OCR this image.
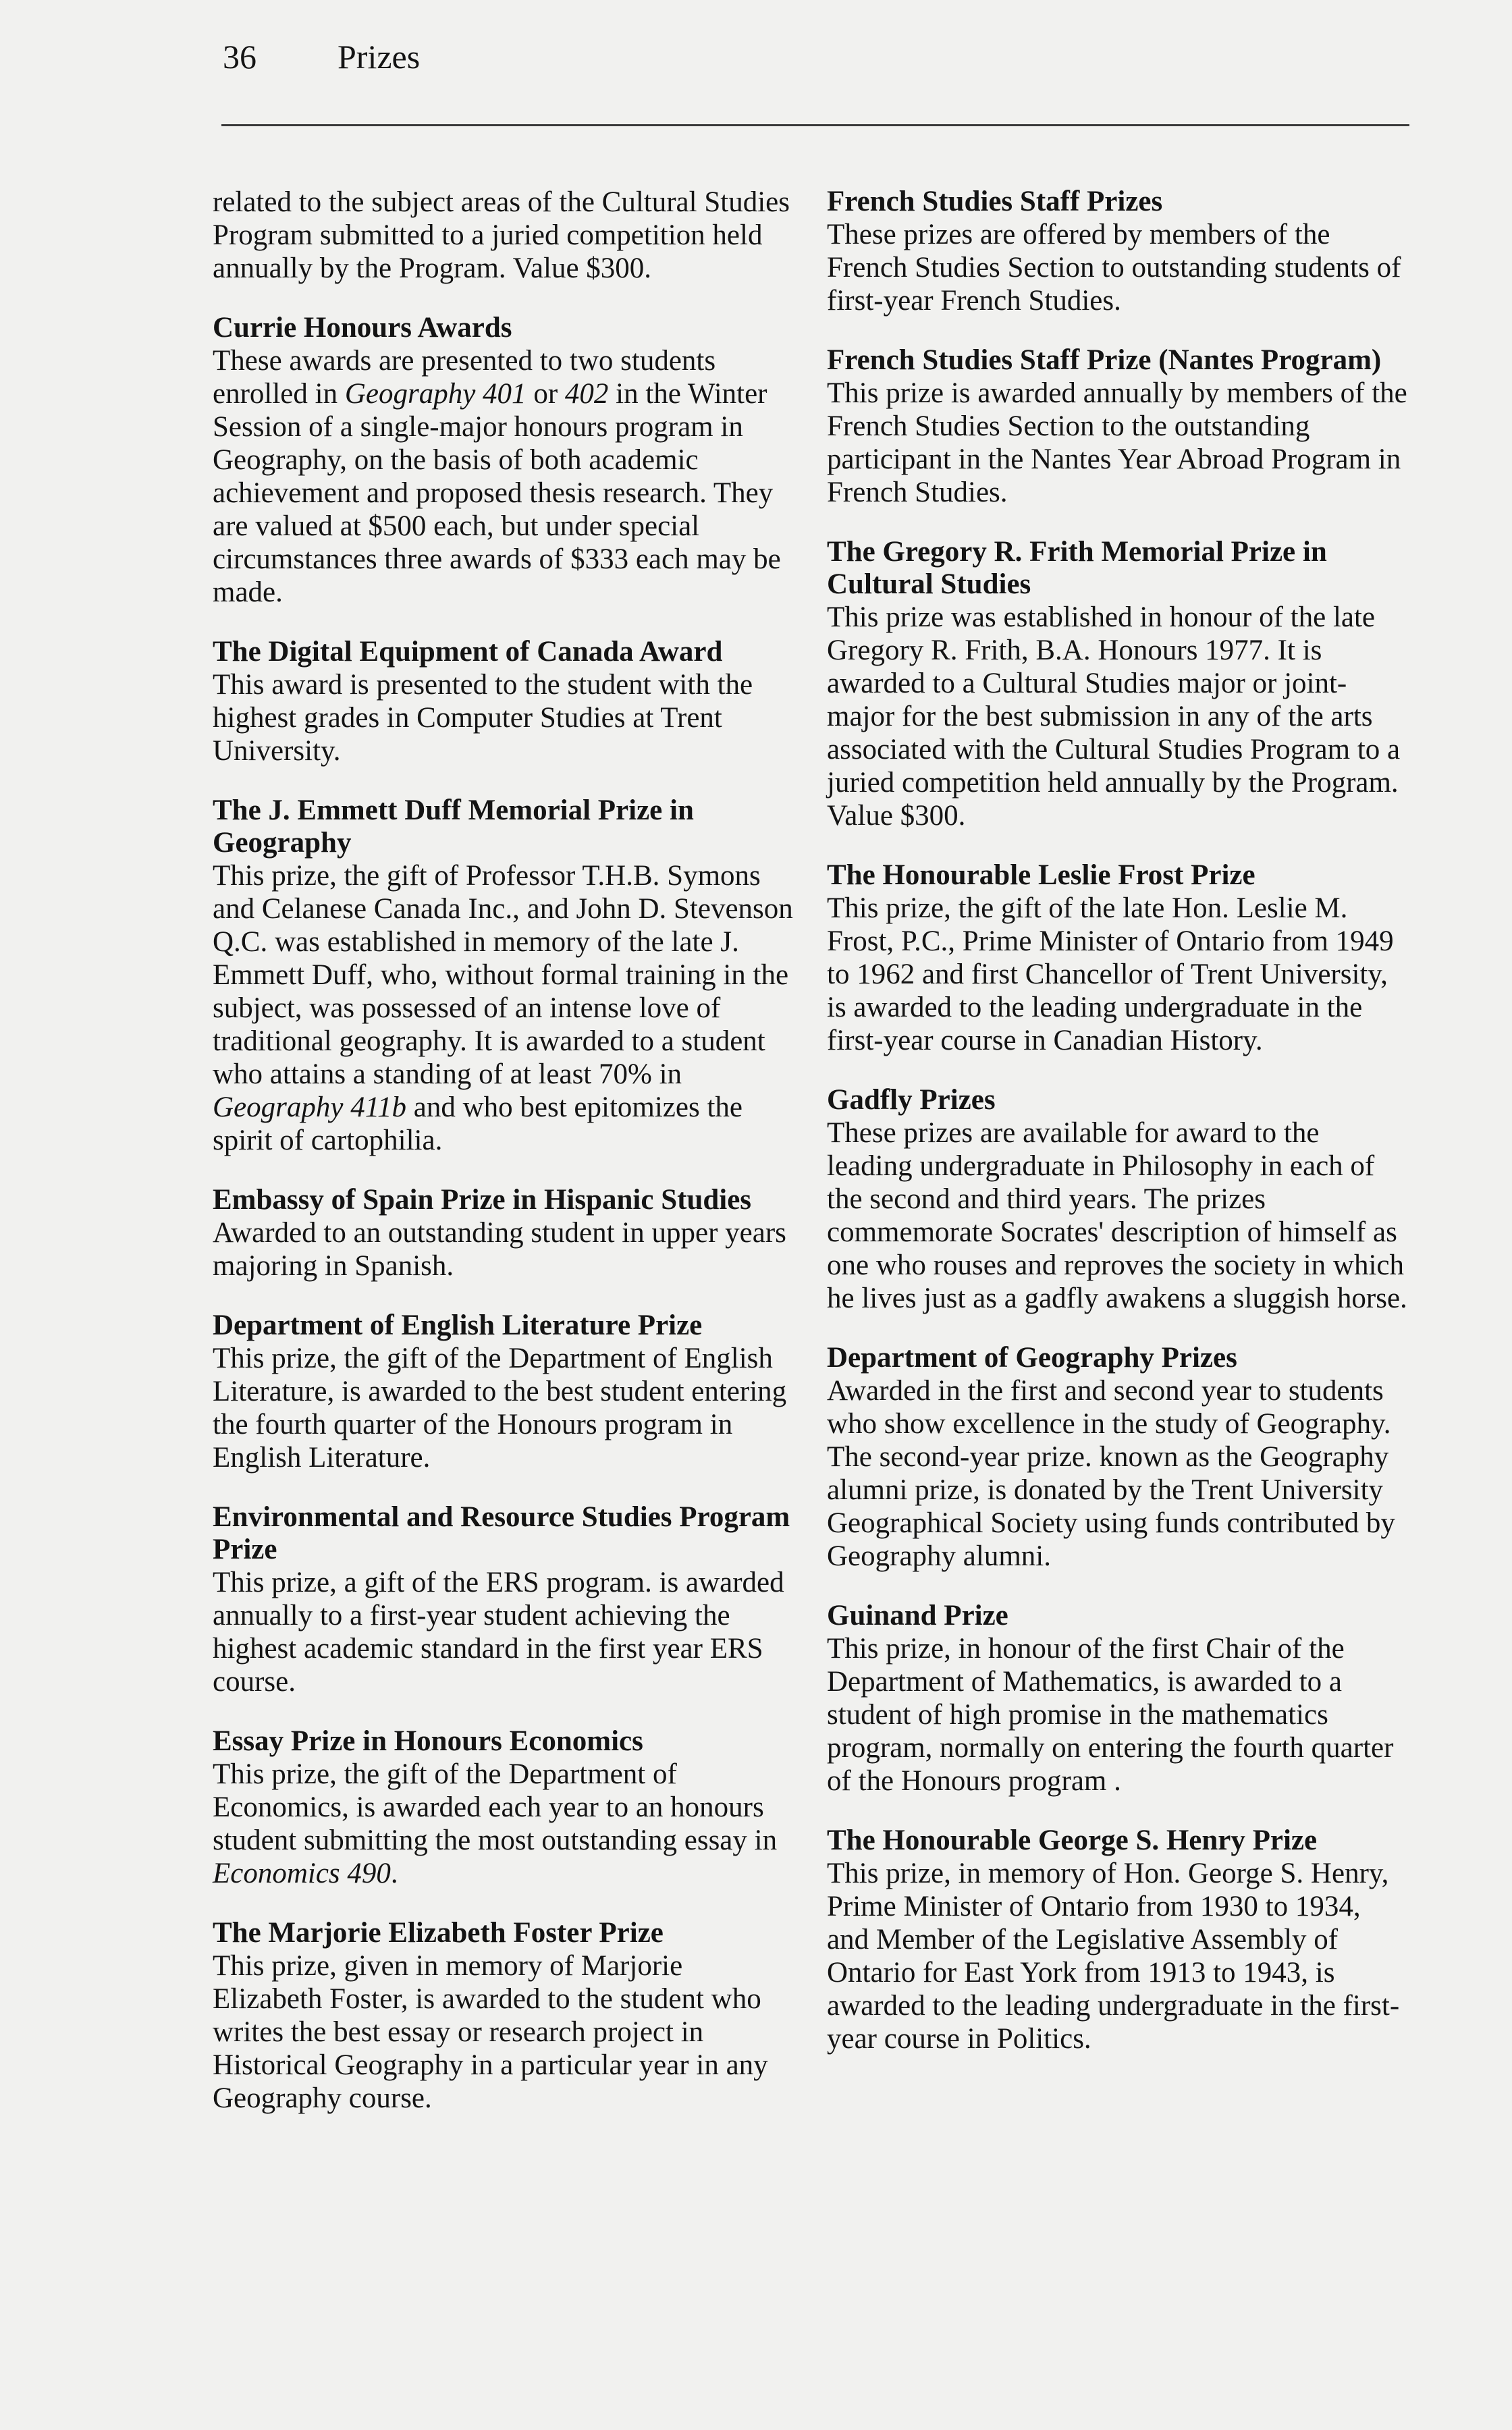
36 Prizes

related to the subject areas of the Cultural Studies Program submitted to a juried competition held annually by the Program. Value $300.

Currie Honours Awards

These awards are presented to two students enrolled in Geography 401 or 402 in the Winter Session of a single-major honours program in Geography, on the basis of both academic achievement and proposed thesis research. They are valued at $500 each, but under special circumstances three awards of $333 each may be made.

The Digital Equipment of Canada Award

This award is presented to the student with the highest grades in Computer Studies at Trent University.

The J. Emmett Duff Memorial Prize in Geography

This prize, the gift of Professor T.H.B. Symons and Celanese Canada Inc., and John D. Stevenson Q.C. was established in memory of the late J. Emmett Duff, who, without formal training in the subject, was possessed of an intense love of traditional geography. It is awarded to a student who attains a standing of at least 70% in Geography 411b and who best epitomizes the spirit of cartophilia.

Embassy of Spain Prize in Hispanic Studies

Awarded to an outstanding student in upper years majoring in Spanish.

Department of English Literature Prize

This prize, the gift of the Department of English Literature, is awarded to the best student entering the fourth quarter of the Honours program in English Literature.

Environmental and Resource Studies Program Prize

This prize, a gift of the ERS program. is awarded annually to a first-year student achieving the highest academic standard in the first year ERS course.

Essay Prize in Honours Economics

This prize, the gift of the Department of Economics, is awarded each year to an honours student submitting the most outstanding essay in Economics 490.

The Marjorie Elizabeth Foster Prize

This prize, given in memory of Marjorie Elizabeth Foster, is awarded to the student who writes the best essay or research project in Historical Geography in a particular year in any Geography course.

French Studies Staff Prizes

These prizes are offered by members of the French Studies Section to outstanding students of first-year French Studies.

French Studies Staff Prize (Nantes Program)

This prize is awarded annually by members of the French Studies Section to the outstanding participant in the Nantes Year Abroad Program in French Studies.

The Gregory R. Frith Memorial Prize in Cultural Studies

This prize was established in honour of the late Gregory R. Frith, B.A. Honours 1977. It is awarded to a Cultural Studies major or joint-major for the best submission in any of the arts associated with the Cultural Studies Program to a juried competition held annually by the Program. Value $300.

The Honourable Leslie Frost Prize

This prize, the gift of the late Hon. Leslie M. Frost, P.C., Prime Minister of Ontario from 1949 to 1962 and first Chancellor of Trent University, is awarded to the leading undergraduate in the first-year course in Canadian History.

Gadfly Prizes

These prizes are available for award to the leading undergraduate in Philosophy in each of the second and third years. The prizes commemorate Socrates' description of himself as one who rouses and reproves the society in which he lives just as a gadfly awakens a sluggish horse.

Department of Geography Prizes

Awarded in the first and second year to students who show excellence in the study of Geography. The second-year prize. known as the Geography alumni prize, is donated by the Trent University Geographical Society using funds contributed by Geography alumni.

Guinand Prize

This prize, in honour of the first Chair of the Department of Mathematics, is awarded to a student of high promise in the mathematics program, normally on entering the fourth quarter of the Honours program .

The Honourable George S. Henry Prize

This prize, in memory of Hon. George S. Henry, Prime Minister of Ontario from 1930 to 1934, and Member of the Legislative Assembly of Ontario for East York from 1913 to 1943, is awarded to the leading undergraduate in the first-year course in Politics.
